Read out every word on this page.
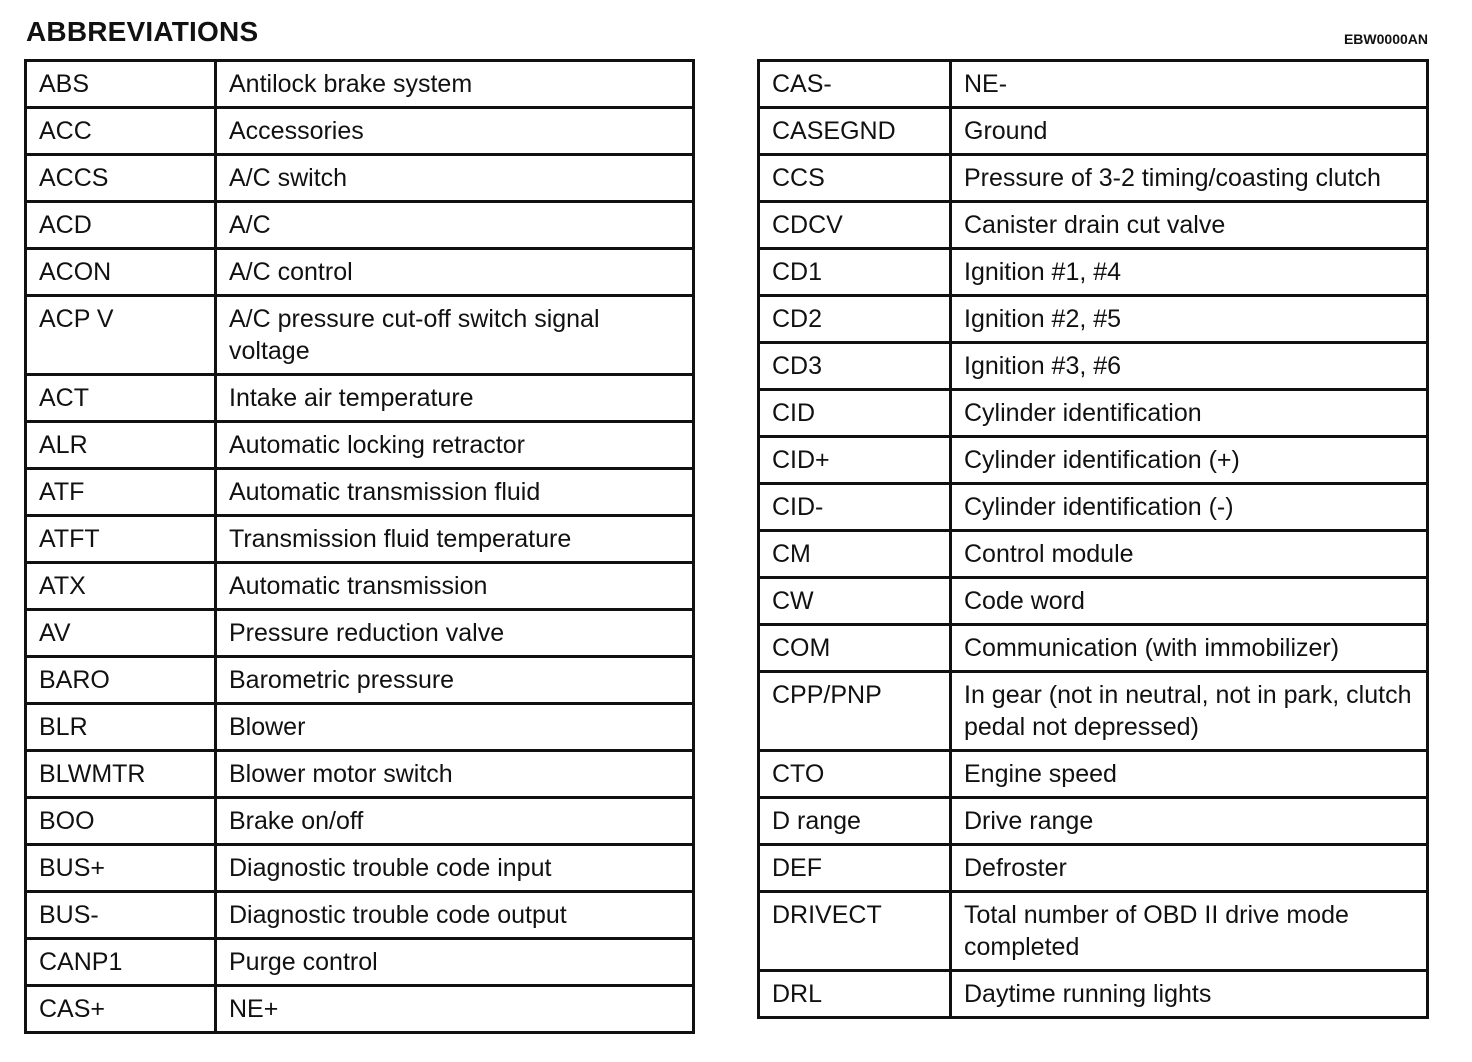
ABBREVIATIONS	EBW0000AN
ABS	Antilock brake system
ACC	Accessories
ACCS	A/C switch
ACD	A/C
ACON	A/C control
ACP V	A/C pressure cut-off switch signal voltage
ACT	Intake air temperature
ALR	Automatic locking retractor
ATF	Automatic transmission fluid
ATFT	Transmission fluid temperature
ATX	Automatic transmission
AV	Pressure reduction valve
BARO	Barometric pressure
BLR	Blower
BLWMTR	Blower motor switch
BOO	Brake on/off
BUS+	Diagnostic trouble code input
BUS-	Diagnostic trouble code output
CANP1	Purge control
CAS+	NE+
CAS-	NE-
CASEGND	Ground
CCS	Pressure of 3-2 timing/coasting clutch
CDCV	Canister drain cut valve
CD1	Ignition #1, #4
CD2	Ignition #2, #5
CD3	Ignition #3, #6
CID	Cylinder identification
CID+	Cylinder identification (+)
CID-	Cylinder identification (-)
CM	Control module
CW	Code word
COM	Communication (with immobilizer)
CPP/PNP	In gear (not in neutral, not in park, clutch pedal not depressed)
CTO	Engine speed
D range	Drive range
DEF	Defroster
DRIVECT	Total number of OBD II drive mode completed
DRL	Daytime running lights
